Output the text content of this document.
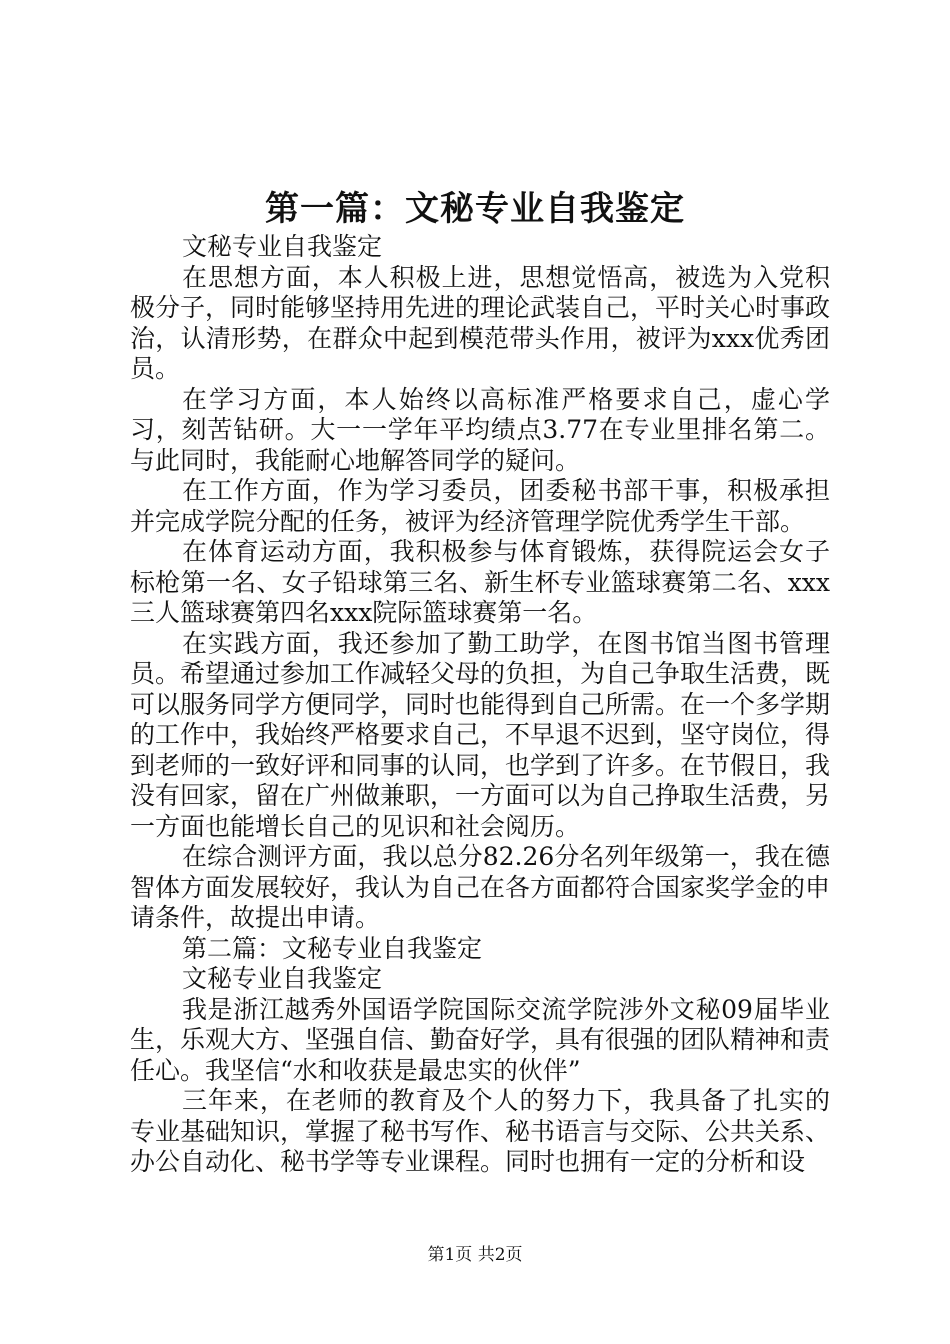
第一篇：文秘专业自我鉴定

文秘专业自我鉴定

在思想方面，本人积极上进，思想觉悟高，被选为入党积极分子，同时能够坚持用先进的理论武装自己，平时关心时事政治，认清形势，在群众中起到模范带头作用，被评为xxx优秀团员。

在学习方面，本人始终以高标准严格要求自己，虚心学习，刻苦钻研。大一一学年平均绩点3.77在专业里排名第二。与此同时，我能耐心地解答同学的疑问。

在工作方面，作为学习委员，团委秘书部干事，积极承担并完成学院分配的任务，被评为经济管理学院优秀学生干部。

在体育运动方面，我积极参与体育锻炼，获得院运会女子标枪第一名、女子铅球第三名、新生杯专业篮球赛第二名、xxx三人篮球赛第四名xxx院际篮球赛第一名。

在实践方面，我还参加了勤工助学，在图书馆当图书管理员。希望通过参加工作减轻父母的负担，为自己争取生活费，既可以服务同学方便同学，同时也能得到自己所需。在一个多学期的工作中，我始终严格要求自己，不早退不迟到，坚守岗位，得到老师的一致好评和同事的认同，也学到了许多。在节假日，我没有回家，留在广州做兼职，一方面可以为自己挣取生活费，另一方面也能增长自己的见识和社会阅历。

在综合测评方面，我以总分82.26分名列年级第一，我在德智体方面发展较好，我认为自己在各方面都符合国家奖学金的申请条件，故提出申请。

第二篇：文秘专业自我鉴定

文秘专业自我鉴定

我是浙江越秀外国语学院国际交流学院涉外文秘09届毕业生，乐观大方、坚强自信、勤奋好学，具有很强的团队精神和责任心。我坚信“水和收获是最忠实的伙伴”

三年来，在老师的教育及个人的努力下，我具备了扎实的专业基础知识，掌握了秘书写作、秘书语言与交际、公共关系、办公自动化、秘书学等专业课程。同时也拥有一定的分析和设

第1页 共2页
